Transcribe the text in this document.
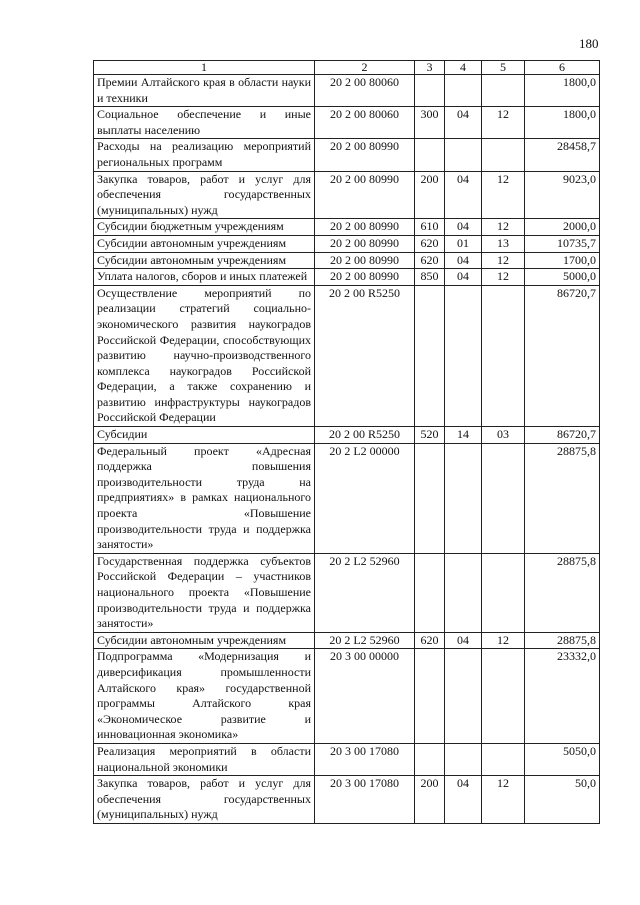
180
1	2	3	4	5	6
Премии Алтайского края в области науки и техники	20 2 00 80060				1800,0
Социальное обеспечение и иные выплаты населению	20 2 00 80060	300	04	12	1800,0
Расходы на реализацию мероприятий региональных программ	20 2 00 80990				28458,7
Закупка товаров, работ и услуг для обеспечения государственных (муниципальных) нужд	20 2 00 80990	200	04	12	9023,0
Субсидии бюджетным учреждениям	20 2 00 80990	610	04	12	2000,0
Субсидии автономным учреждениям	20 2 00 80990	620	01	13	10735,7
Субсидии автономным учреждениям	20 2 00 80990	620	04	12	1700,0
Уплата налогов, сборов и иных платежей	20 2 00 80990	850	04	12	5000,0
Осуществление мероприятий по реализации стратегий социально-экономического развития наукоградов Российской Федерации, способствующих развитию научно-производственного комплекса наукоградов Российской Федерации, а также сохранению и развитию инфраструктуры наукоградов Российской Федерации	20 2 00 R5250				86720,7
Субсидии	20 2 00 R5250	520	14	03	86720,7
Федеральный проект «Адресная поддержка повышения производительности труда на предприятиях» в рамках национального проекта «Повышение производительности труда и поддержка занятости»	20 2 L2 00000				28875,8
Государственная поддержка субъектов Российской Федерации – участников национального проекта «Повышение производительности труда и поддержка занятости»	20 2 L2 52960				28875,8
Субсидии автономным учреждениям	20 2 L2 52960	620	04	12	28875,8
Подпрограмма «Модернизация и диверсификация промышленности Алтайского края» государственной программы Алтайского края «Экономическое развитие и инновационная экономика»	20 3 00 00000				23332,0
Реализация мероприятий в области национальной экономики	20 3 00 17080				5050,0
Закупка товаров, работ и услуг для обеспечения государственных (муниципальных) нужд	20 3 00 17080	200	04	12	50,0
